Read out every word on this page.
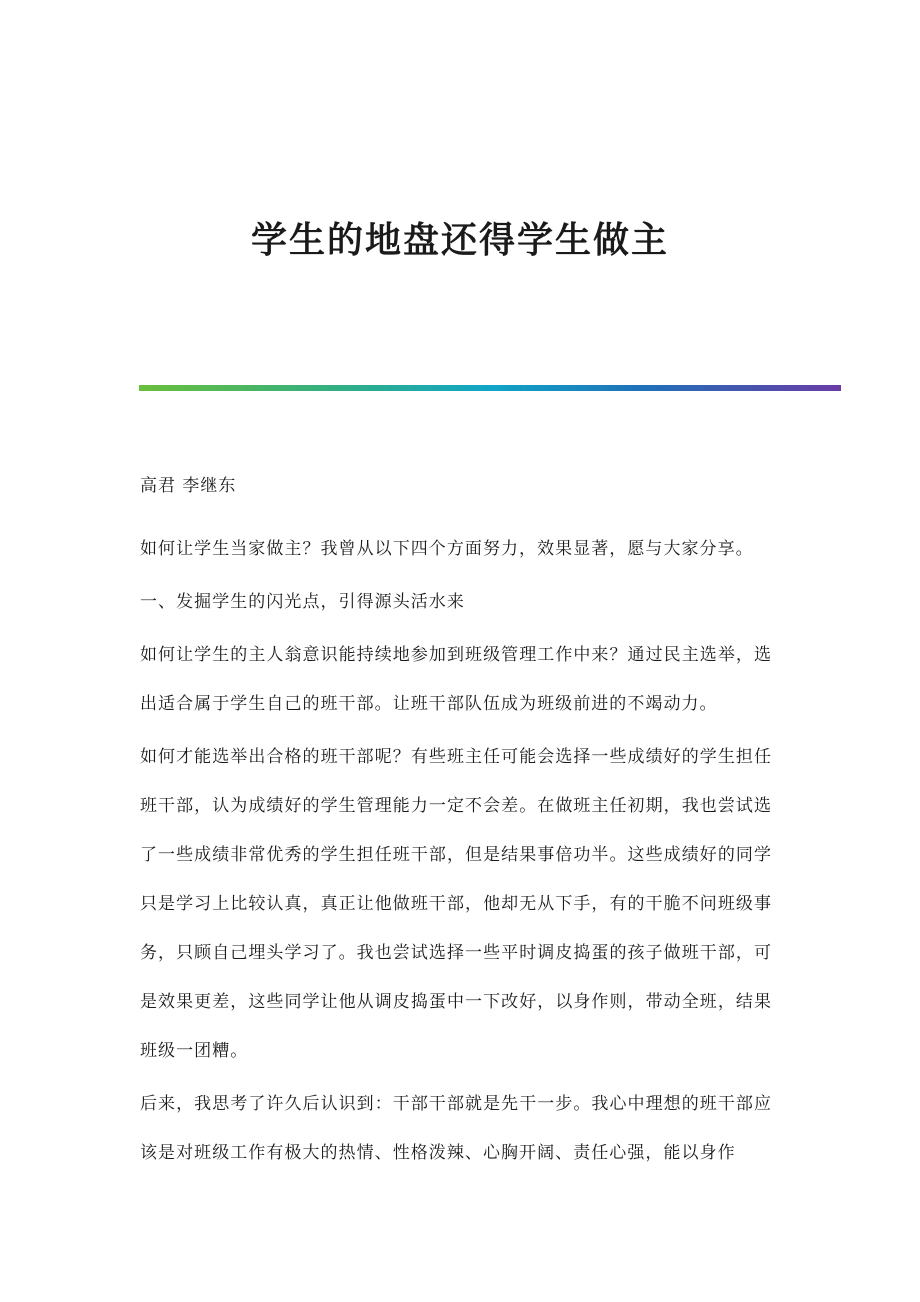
学生的地盘还得学生做主
高君 李继东

如何让学生当家做主？我曾从以下四个方面努力，效果显著，愿与大家分享。

一、发掘学生的闪光点，引得源头活水来

如何让学生的主人翁意识能持续地参加到班级管理工作中来？通过民主选举，选出适合属于学生自己的班干部。让班干部队伍成为班级前进的不竭动力。

如何才能选举出合格的班干部呢？有些班主任可能会选择一些成绩好的学生担任班干部，认为成绩好的学生管理能力一定不会差。在做班主任初期，我也尝试选了一些成绩非常优秀的学生担任班干部，但是结果事倍功半。这些成绩好的同学只是学习上比较认真，真正让他做班干部，他却无从下手，有的干脆不问班级事务，只顾自己埋头学习了。我也尝试选择一些平时调皮捣蛋的孩子做班干部，可是效果更差，这些同学让他从调皮捣蛋中一下改好，以身作则，带动全班，结果班级一团糟。

后来，我思考了许久后认识到：干部干部就是先干一步。我心中理想的班干部应该是对班级工作有极大的热情、性格泼辣、心胸开阔、责任心强，能以身作
